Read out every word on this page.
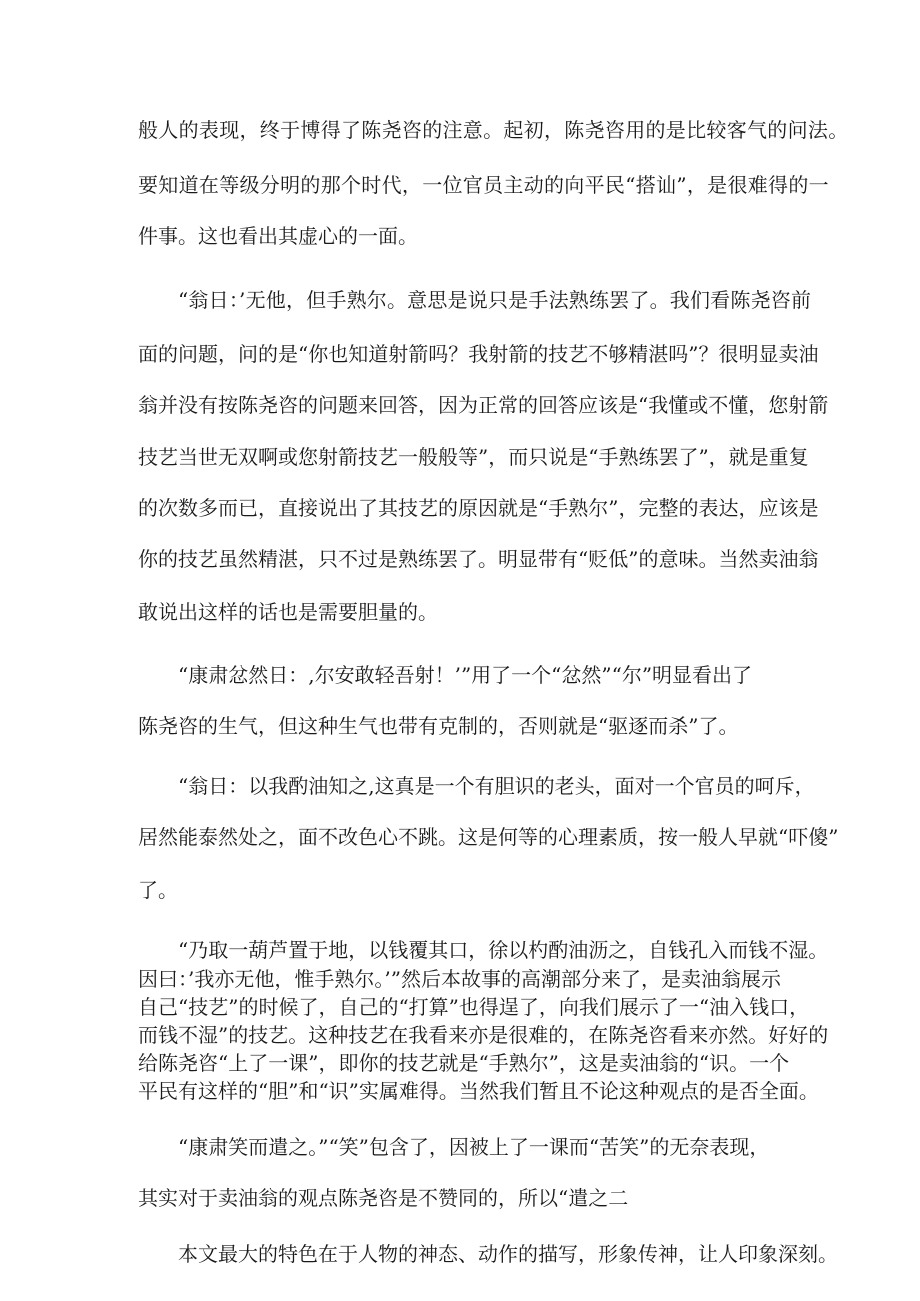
般人的表现，终于博得了陈尧咨的注意。起初，陈尧咨用的是比较客气的问法。
要知道在等级分明的那个时代，一位官员主动的向平民“搭讪”，是很难得的一
件事。这也看出其虚心的一面。
“翁日：’无他，但手熟尔。意思是说只是手法熟练罢了。我们看陈尧咨前
面的问题，问的是“你也知道射箭吗？我射箭的技艺不够精湛吗”？很明显卖油
翁并没有按陈尧咨的问题来回答，因为正常的回答应该是“我懂或不懂，您射箭
技艺当世无双啊或您射箭技艺一般般等”，而只说是“手熟练罢了”，就是重复
的次数多而已，直接说出了其技艺的原因就是“手熟尔”，完整的表达，应该是
你的技艺虽然精湛，只不过是熟练罢了。明显带有“贬低”的意味。当然卖油翁
敢说出这样的话也是需要胆量的。
“康肃忿然日：,尔安敢轻吾射！’”用了一个“忿然”“尔”明显看出了
陈尧咨的生气，但这种生气也带有克制的，否则就是“驱逐而杀”了。
“翁日：以我酌油知之,这真是一个有胆识的老头，面对一个官员的呵斥，
居然能泰然处之，面不改色心不跳。这是何等的心理素质，按一般人早就“吓傻”
了。
“乃取一葫芦置于地，以钱覆其口，徐以杓酌油沥之，自钱孔入而钱不湿。
因曰：’我亦无他，惟手熟尔。’”然后本故事的高潮部分来了，是卖油翁展示
自己“技艺”的时候了，自己的“打算”也得逞了，向我们展示了一“油入钱口，
而钱不湿”的技艺。这种技艺在我看来亦是很难的，在陈尧咨看来亦然。好好的
给陈尧咨“上了一课”，即你的技艺就是“手熟尔”，这是卖油翁的“识。一个
平民有这样的“胆”和“识”实属难得。当然我们暂且不论这种观点的是否全面。
“康肃笑而遣之。”“笑”包含了，因被上了一课而“苦笑”的无奈表现，
其实对于卖油翁的观点陈尧咨是不赞同的，所以“遣之二
本文最大的特色在于人物的神态、动作的描写，形象传神，让人印象深刻。
